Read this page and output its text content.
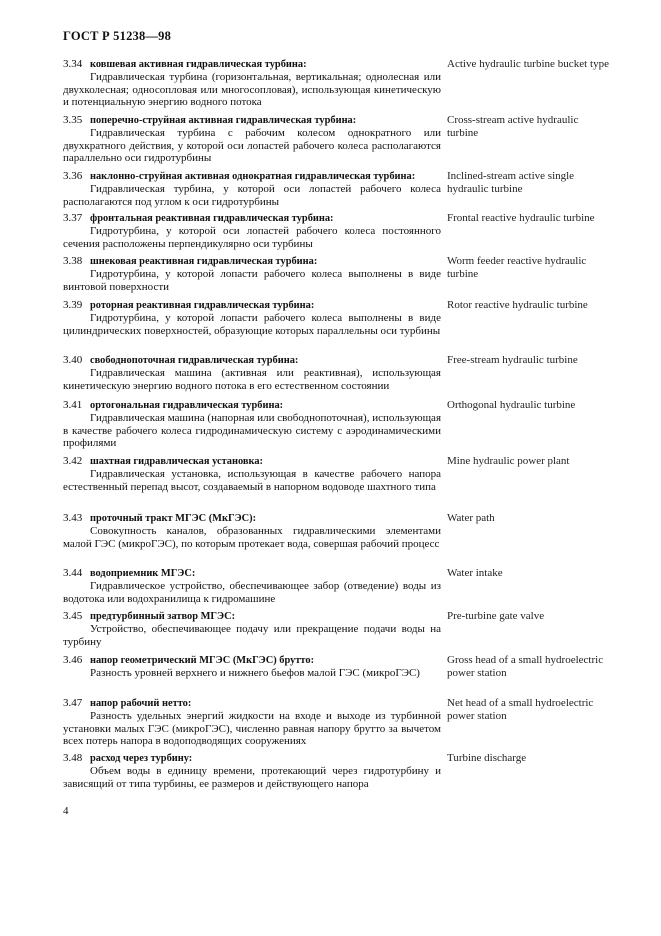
ГОСТ Р 51238—98
3.34 ковшевая активная гидравлическая турбина:

Гидравлическая турбина (горизонтальная, вертикальная; однолесная или двухколесная; односопловая или многосопловая), использующая кинетическую и потенциальную энергию водного потока

Active hydraulic turbine bucket type
3.35 поперечно-струйная активная гидравлическая турбина:

Гидравлическая турбина с рабочим колесом однократного или двухкратного действия, у которой оси лопастей рабочего колеса располагаются параллельно оси гидротурбины

Cross-stream active hydraulic turbine
3.36 наклонно-струйная активная однократная гидравлическая турбина:

Гидравлическая турбина, у которой оси лопастей рабочего колеса располагаются под углом к оси гидротурбины

Inclined-stream active single hydraulic turbine
3.37 фронтальная реактивная гидравлическая турбина:

Гидротурбина, у которой оси лопастей рабочего колеса постоянного сечения расположены перпендикулярно оси турбины

Frontal reactive hydraulic turbine
3.38 шнековая реактивная гидравлическая турбина:

Гидротурбина, у которой лопасти рабочего колеса выполнены в виде винтовой поверхности

Worm feeder reactive hydraulic turbine
3.39 роторная реактивная гидравлическая турбина:

Гидротурбина, у которой лопасти рабочего колеса выполнены в виде цилиндрических поверхностей, образующие которых параллельны оси турбины

Rotor reactive hydraulic turbine
3.40 свободнопоточная гидравлическая турбина:

Гидравлическая машина (активная или реактивная), использующая кинетическую энергию водного потока в его естественном состоянии

Free-stream hydraulic turbine
3.41 ортогональная гидравлическая турбина:

Гидравлическая машина (напорная или свободнопоточная), использующая в качестве рабочего колеса гидродинамическую систему с аэродинамическими профилями

Orthogonal hydraulic turbine
3.42 шахтная гидравлическая установка:

Гидравлическая установка, использующая в качестве рабочего напора естественный перепад высот, создаваемый в напорном водоводе шахтного типа

Mine hydraulic power plant
3.43 проточный тракт МГЭС (МкГЭС):

Совокупность каналов, образованных гидравлическими элементами малой ГЭС (микроГЭС), по которым протекает вода, совершая рабочий процесс

Water path
3.44 водоприемник МГЭС:

Гидравлическое устройство, обеспечивающее забор (отведение) воды из водотока или водохранилища к гидромашине

Water intake
3.45 предтурбинный затвор МГЭС:

Устройство, обеспечивающее подачу или прекращение подачи воды на турбину

Pre-turbine gate valve
3.46 напор геометрический МГЭС (МкГЭС) брутто:

Разность уровней верхнего и нижнего бьефов малой ГЭС (микроГЭС)

Gross head of a small hydroelectric power station
3.47 напор рабочий нетто:

Разность удельных энергий жидкости на входе и выходе из турбинной установки малых ГЭС (микроГЭС), численно равная напору брутто за вычетом всех потерь напора в водоподводящих сооружениях

Net head of a small hydroelectric power station
3.48 расход через турбину:

Объем воды в единицу времени, протекающий через гидротурбину и зависящий от типа турбины, ее размеров и действующего напора

Turbine discharge
4
